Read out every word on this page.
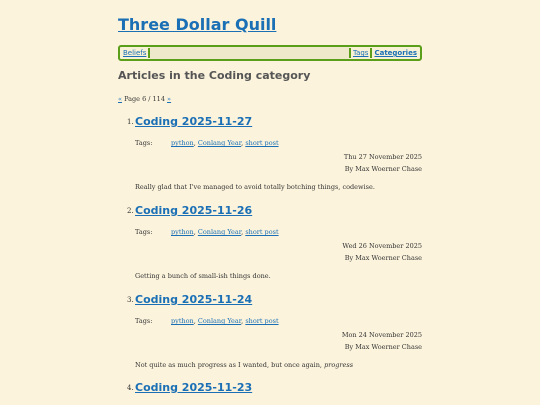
Three Dollar Quill
Beliefs	Tags Categories
Articles in the Coding category
« Page 6 / 114 »
1. Coding 2025-11-27
Tags:	python, Conlang Year, short post
Thu 27 November 2025
By Max Woerner Chase
Really glad that I've managed to avoid totally botching things, codewise.
2. Coding 2025-11-26
Tags:	python, Conlang Year, short post
Wed 26 November 2025
By Max Woerner Chase
Getting a bunch of small-ish things done.
3. Coding 2025-11-24
Tags:	python, Conlang Year, short post
Mon 24 November 2025
By Max Woerner Chase
Not quite as much progress as I wanted, but once again, progress
4. Coding 2025-11-23
